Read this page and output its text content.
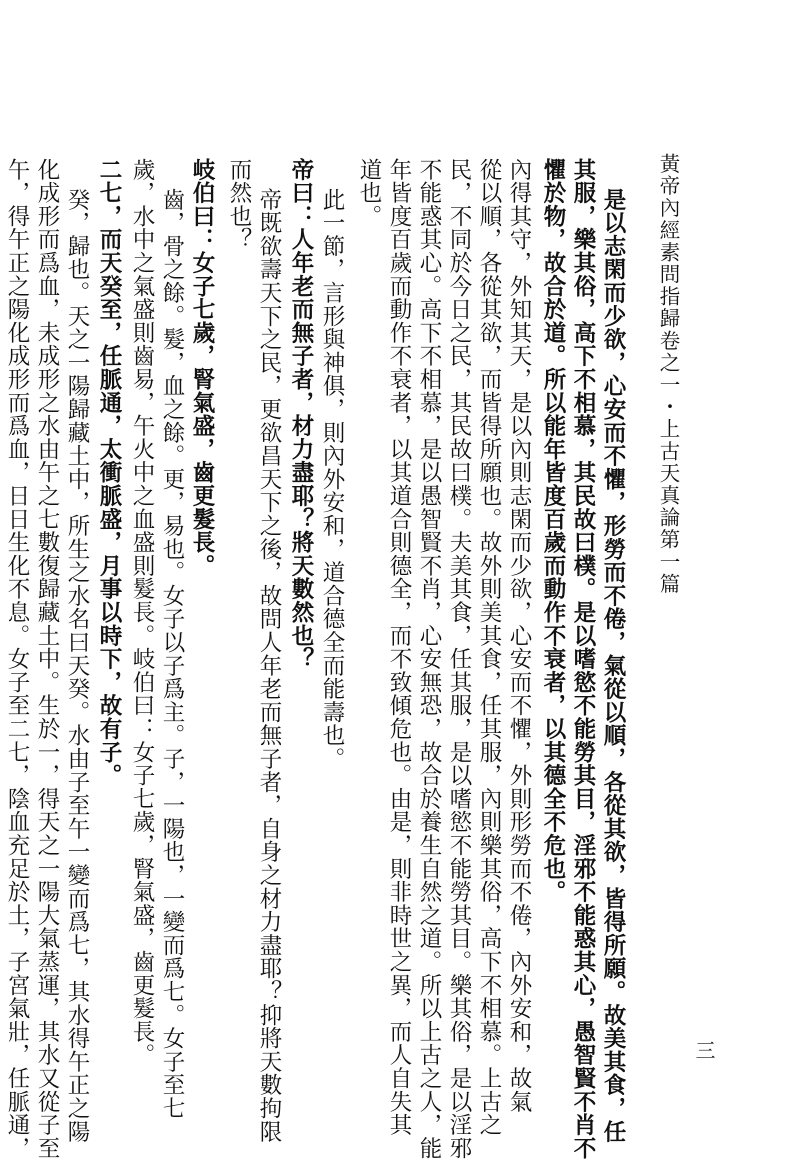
黃帝內經素問指歸卷之一・上古天真論第一篇
三
是以志閑而少欲，心安而不懼，形勞而不倦，氣從以順，各從其欲，皆得所願。故美其食，任
其服，樂其俗，高下不相慕，其民故曰樸。是以嗜慾不能勞其目，淫邪不能惑其心，愚智賢不肖不
懼於物，故合於道。所以能年皆度百歲而動作不衰者，以其德全不危也。
內得其守，外知其天，是以內則志閑而少欲，心安而不懼，外則形勞而不倦，內外安和，故氣
從以順，各從其欲，而皆得所願也。故外則美其食，任其服，內則樂其俗，高下不相慕。上古之
民，不同於今日之民，其民故曰樸。夫美其食，任其服，是以嗜慾不能勞其目。樂其俗，是以淫邪
不能惑其心。高下不相慕，是以愚智賢不肖，心安無恐，故合於養生自然之道。所以上古之人，能
年皆度百歲而動作不衰者，以其道合則德全，而不致傾危也。由是，則非時世之異，而人自失其
道也。
此一節，言形與神俱，則內外安和，道合德全而能壽也。
帝曰：人年老而無子者，材力盡耶？將天數然也？
帝既欲壽天下之民，更欲昌天下之後，故問人年老而無子者，自身之材力盡耶？抑將天數拘限
而然也？
岐伯曰：女子七歲，腎氣盛，齒更髮長。
齒，骨之餘。髮，血之餘。更，易也。女子以子爲主。子，一陽也，一變而爲七。女子至七
歲，水中之氣盛則齒易，午火中之血盛則髮長。岐伯曰：女子七歲，腎氣盛，齒更髮長。
二七，而天癸至，任脈通，太衝脈盛，月事以時下，故有子。
癸，歸也。天之一陽歸藏土中，所生之水名曰天癸。水由子至午一變而爲七，其水得午正之陽
化成形而爲血，未成形之水由午之七數復歸藏土中。生於一，得天之一陽大氣蒸運，其水又從子至
午，得午正之陽化成形而爲血，日日生化不息。女子至二七，陰血充足於土，子宮氣壯，任脈通，
